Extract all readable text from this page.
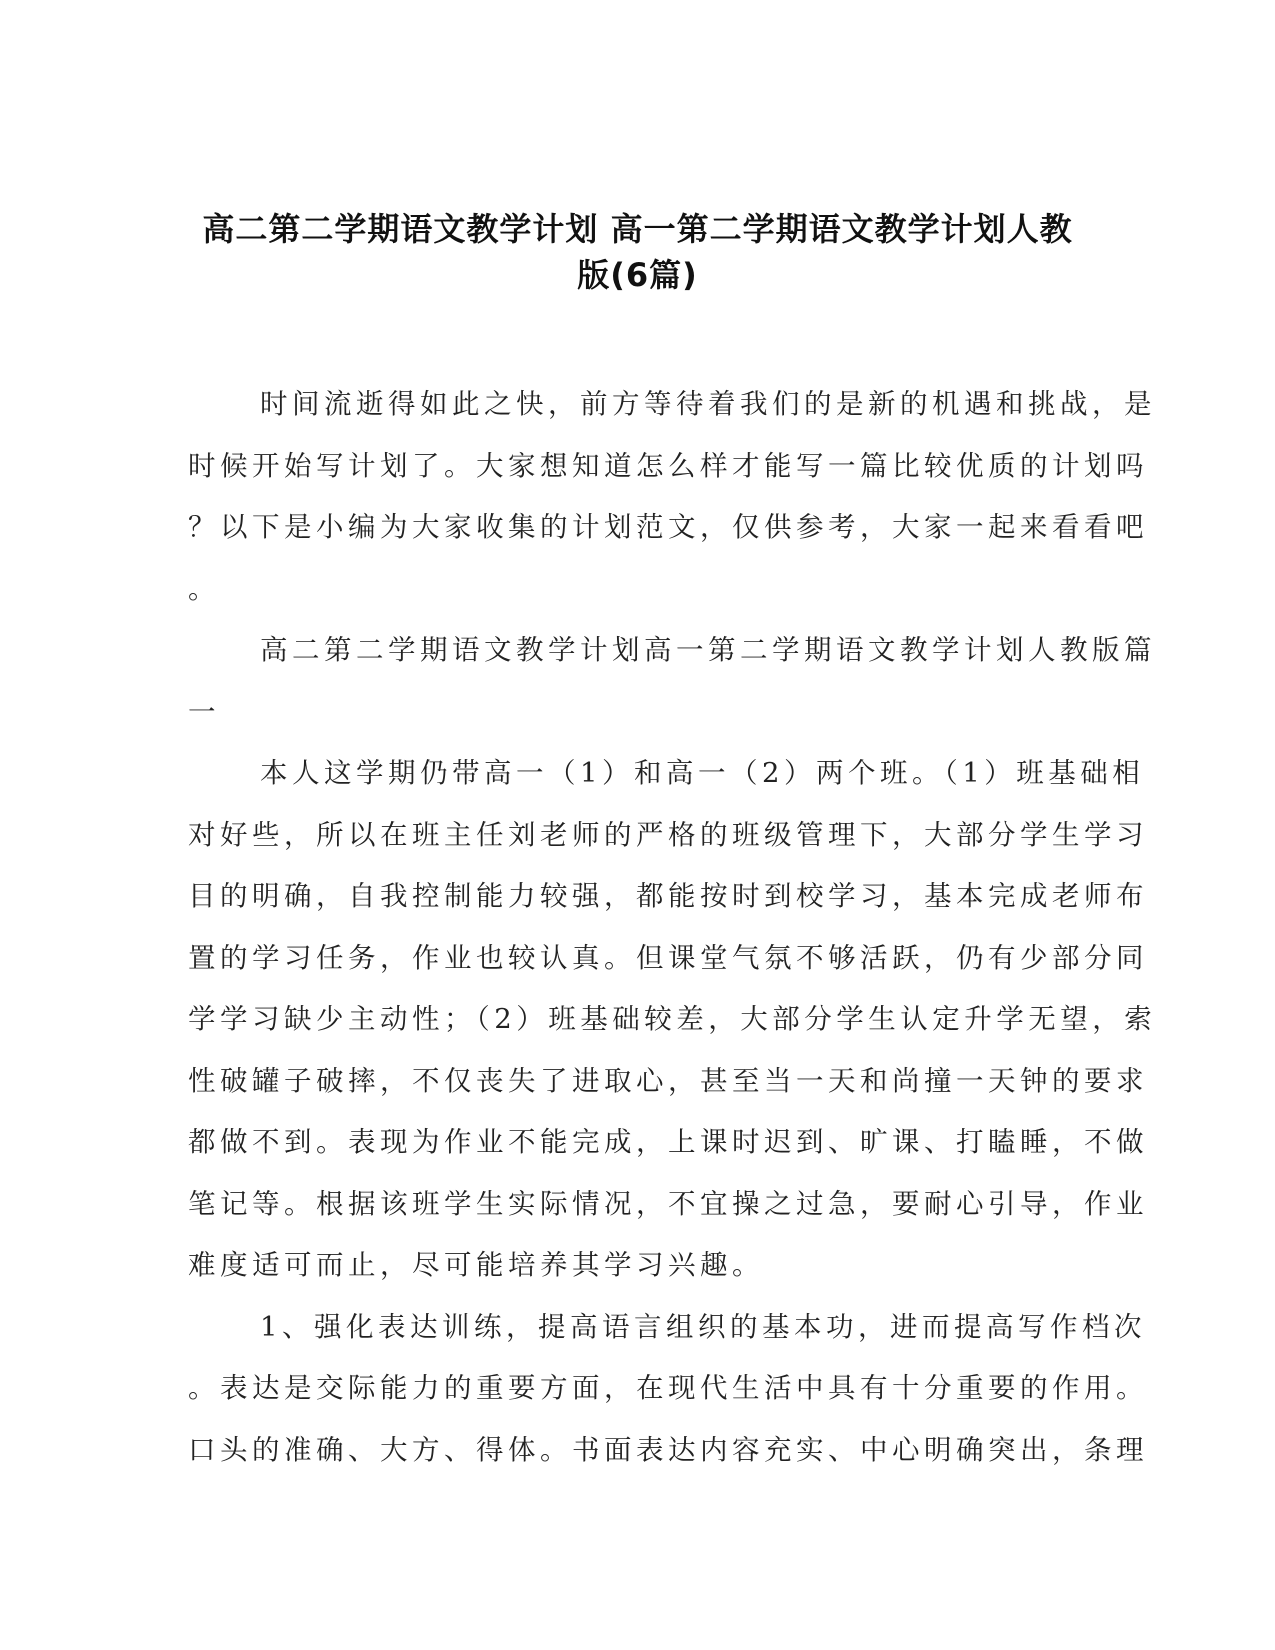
高二第二学期语文教学计划 高一第二学期语文教学计划人教
版(6篇)

时间流逝得如此之快，前方等待着我们的是新的机遇和挑战，是
时候开始写计划了。大家想知道怎么样才能写一篇比较优质的计划吗
？以下是小编为大家收集的计划范文，仅供参考，大家一起来看看吧
。

高二第二学期语文教学计划高一第二学期语文教学计划人教版篇
一

本人这学期仍带高一（1）和高一（2）两个班。（1）班基础相
对好些，所以在班主任刘老师的严格的班级管理下，大部分学生学习
目的明确，自我控制能力较强，都能按时到校学习，基本完成老师布
置的学习任务，作业也较认真。但课堂气氛不够活跃，仍有少部分同
学学习缺少主动性；（2）班基础较差，大部分学生认定升学无望，索
性破罐子破摔，不仅丧失了进取心，甚至当一天和尚撞一天钟的要求
都做不到。表现为作业不能完成，上课时迟到、旷课、打瞌睡，不做
笔记等。根据该班学生实际情况，不宜操之过急，要耐心引导，作业
难度适可而止，尽可能培养其学习兴趣。

1、强化表达训练，提高语言组织的基本功，进而提高写作档次
。表达是交际能力的重要方面，在现代生活中具有十分重要的作用。
口头的准确、大方、得体。书面表达内容充实、中心明确突出，条理
